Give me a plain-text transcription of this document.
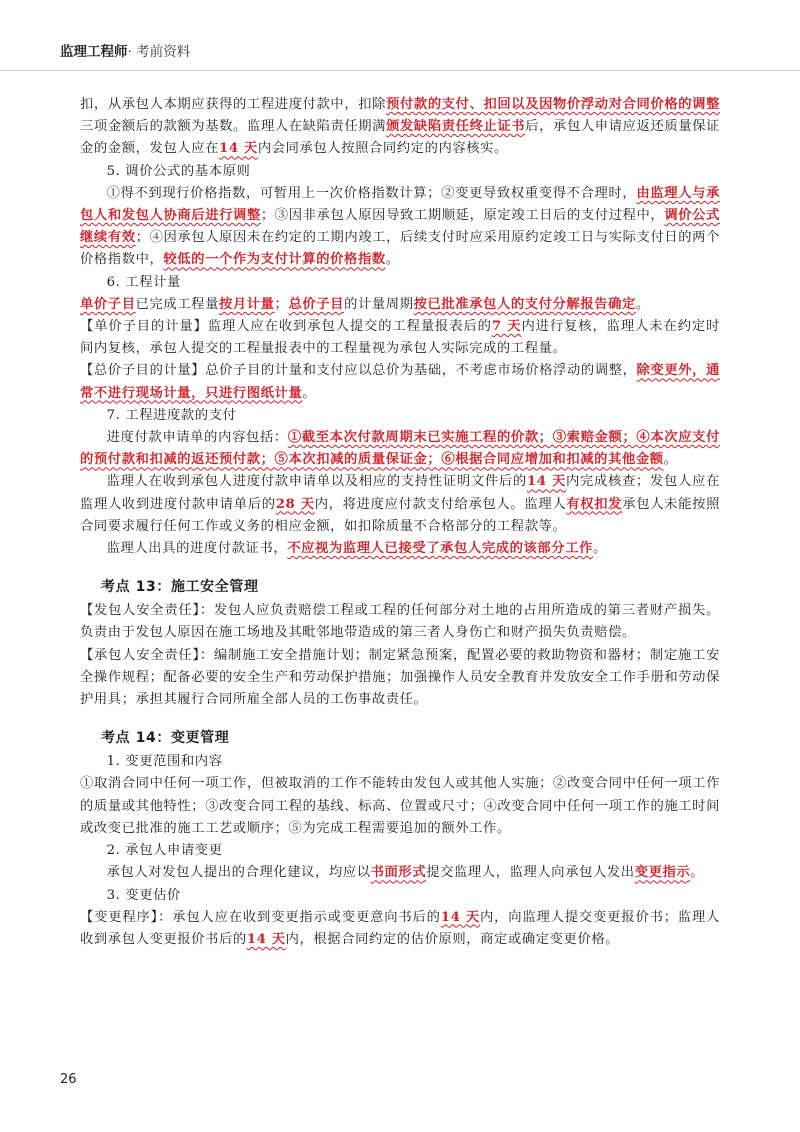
监理工程师· 考前资料

扣，从承包人本期应获得的工程进度付款中，扣除预付款的支付、扣回以及因物价浮动对合同价格的调整三项金额后的款额为基数。监理人在缺陷责任期满颁发缺陷责任终止证书后，承包人申请应返还质量保证金的金额，发包人应在14 天内会同承包人按照合同约定的内容核实。

5. 调价公式的基本原则

①得不到现行价格指数，可暂用上一次价格指数计算；②变更导致权重变得不合理时，由监理人与承包人和发包人协商后进行调整；③因非承包人原因导致工期顺延，原定竣工日后的支付过程中，调价公式继续有效；④因承包人原因未在约定的工期内竣工，后续支付时应采用原约定竣工日与实际支付日的两个价格指数中，较低的一个作为支付计算的价格指数。

6. 工程计量

单价子目已完成工程量按月计量；总价子目的计量周期按已批准承包人的支付分解报告确定。

【单价子目的计量】监理人应在收到承包人提交的工程量报表后的7 天内进行复核，监理人未在约定时间内复核，承包人提交的工程量报表中的工程量视为承包人实际完成的工程量。

【总价子目的计量】总价子目的计量和支付应以总价为基础，不考虑市场价格浮动的调整，除变更外，通常不进行现场计量，只进行图纸计量。

7. 工程进度款的支付

进度付款申请单的内容包括：①截至本次付款周期末已实施工程的价款；③索赔金额；④本次应支付的预付款和扣减的返还预付款；⑤本次扣减的质量保证金；⑥根据合同应增加和扣减的其他金额。

监理人在收到承包人进度付款申请单以及相应的支持性证明文件后的14 天内完成核查；发包人应在监理人收到进度付款申请单后的28 天内，将进度应付款支付给承包人。监理人有权扣发承包人未能按照合同要求履行任何工作或义务的相应金额，如扣除质量不合格部分的工程款等。

监理人出具的进度付款证书，不应视为监理人已接受了承包人完成的该部分工作。

考点 13：施工安全管理

【发包人安全责任】：发包人应负责赔偿工程或工程的任何部分对土地的占用所造成的第三者财产损失。负责由于发包人原因在施工场地及其毗邻地带造成的第三者人身伤亡和财产损失负责赔偿。

【承包人安全责任】：编制施工安全措施计划；制定紧急预案，配置必要的救助物资和器材；制定施工安全操作规程；配备必要的安全生产和劳动保护措施；加强操作人员安全教育并发放安全工作手册和劳动保护用具；承担其履行合同所雇全部人员的工伤事故责任。

考点 14：变更管理

1. 变更范围和内容

①取消合同中任何一项工作，但被取消的工作不能转由发包人或其他人实施；②改变合同中任何一项工作的质量或其他特性；③改变合同工程的基线、标高、位置或尺寸；④改变合同中任何一项工作的施工时间或改变已批准的施工工艺或顺序；⑤为完成工程需要追加的额外工作。

2. 承包人申请变更

承包人对发包人提出的合理化建议，均应以书面形式提交监理人，监理人向承包人发出变更指示。

3. 变更估价

【变更程序】：承包人应在收到变更指示或变更意向书后的14 天内，向监理人提交变更报价书；监理人收到承包人变更报价书后的14 天内，根据合同约定的估价原则，商定或确定变更价格。

26
